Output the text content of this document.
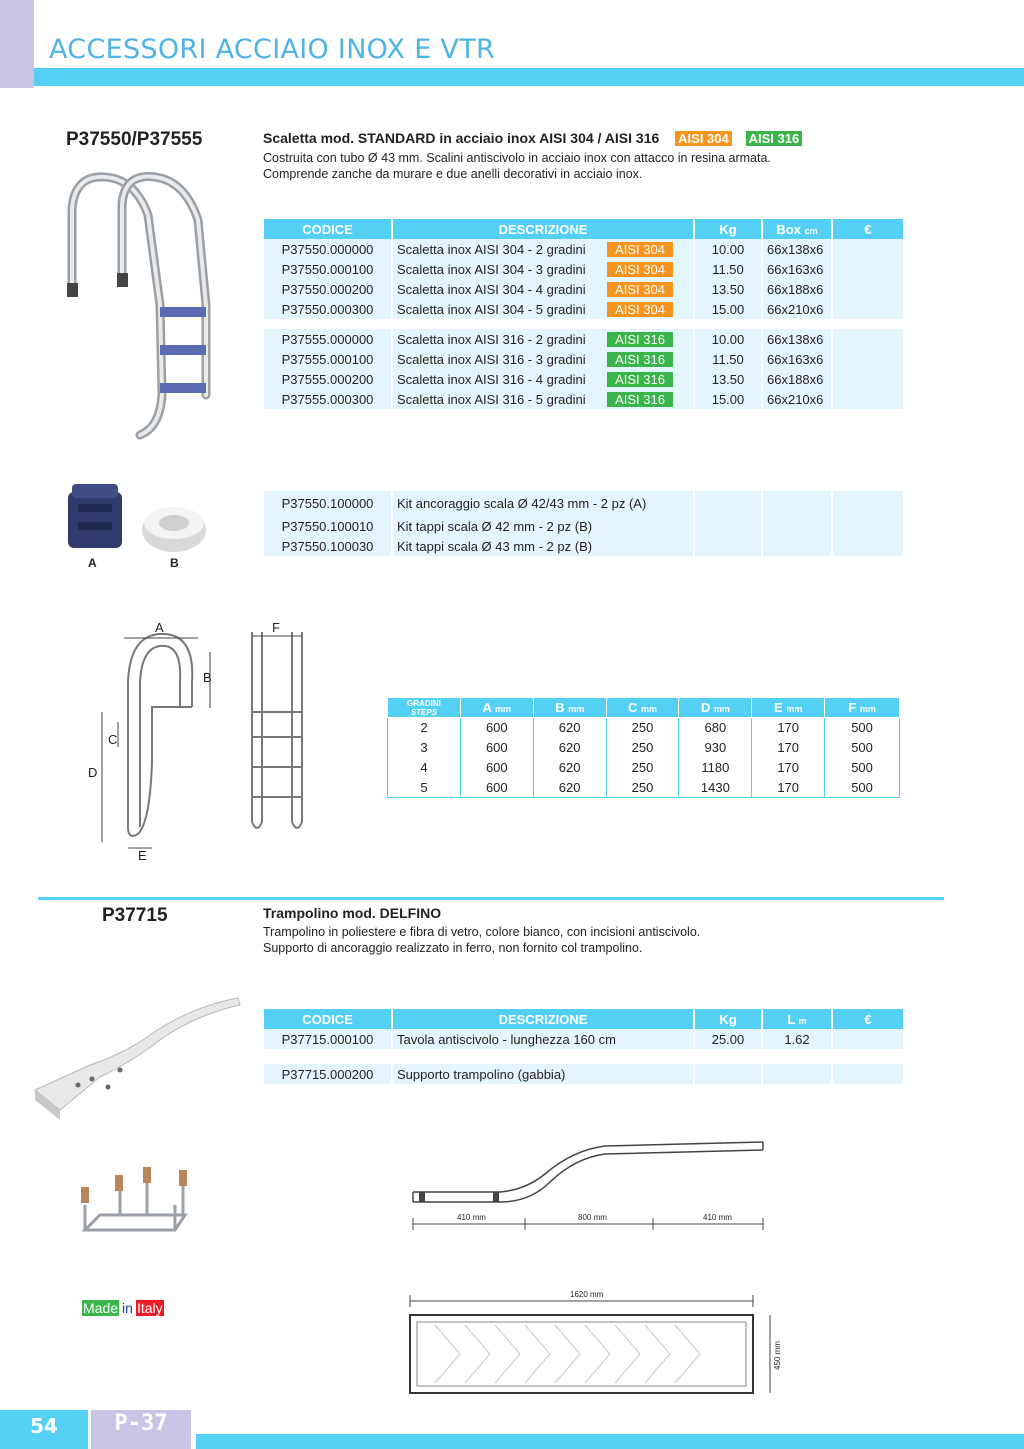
ACCESSORI ACCIAIO INOX E VTR
P37550/P37555	Scaletta mod. STANDARD in acciaio inox AISI 304 / AISI 316 AISI 304 AISI 316
Costruita con tubo Ø 43 mm. Scalini antiscivolo in acciaio inox con attacco in resina armata.
Comprende zanche da murare e due anelli decorativi in acciaio inox.
CODICE	DESCRIZIONE	Kg	Box cm	€
P37550.000000	Scaletta inox AISI 304 - 2 gradini AISI 304	10.00	66x138x6	
P37550.000100	Scaletta inox AISI 304 - 3 gradini AISI 304	11.50	66x163x6	
P37550.000200	Scaletta inox AISI 304 - 4 gradini AISI 304	13.50	66x188x6	
P37550.000300	Scaletta inox AISI 304 - 5 gradini AISI 304	15.00	66x210x6	
P37555.000000	Scaletta inox AISI 316 - 2 gradini AISI 316	10.00	66x138x6	
P37555.000100	Scaletta inox AISI 316 - 3 gradini AISI 316	11.50	66x163x6	
P37555.000200	Scaletta inox AISI 316 - 4 gradini AISI 316	13.50	66x188x6	
P37555.000300	Scaletta inox AISI 316 - 5 gradini AISI 316	15.00	66x210x6	
A	B
P37550.100000	Kit ancoraggio scala Ø 42/43 mm - 2 pz (A)			
P37550.100010	Kit tappi scala Ø 42 mm - 2 pz (B)			
P37550.100030	Kit tappi scala Ø 43 mm - 2 pz (B)			
A
B
C
D
E
F
GRADINI
STEPS	A mm	B mm	C mm	D mm	E mm	F mm
2	600	620	250	680	170	500
3	600	620	250	930	170	500
4	600	620	250	1180	170	500
5	600	620	250	1430	170	500
P37715	Trampolino mod. DELFINO
Trampolino in poliestere e fibra di vetro, colore bianco, con incisioni antiscivolo.
Supporto di ancoraggio realizzato in ferro, non fornito col trampolino.
CODICE	DESCRIZIONE	Kg	L m	€
P37715.000100	Tavola antiscivolo - lunghezza 160 cm	25.00	1.62	
P37715.000200	Supporto trampolino (gabbia)			
410 mm	800 mm	410 mm
1620 mm
450 mm
Made in Italy
54	P-37
